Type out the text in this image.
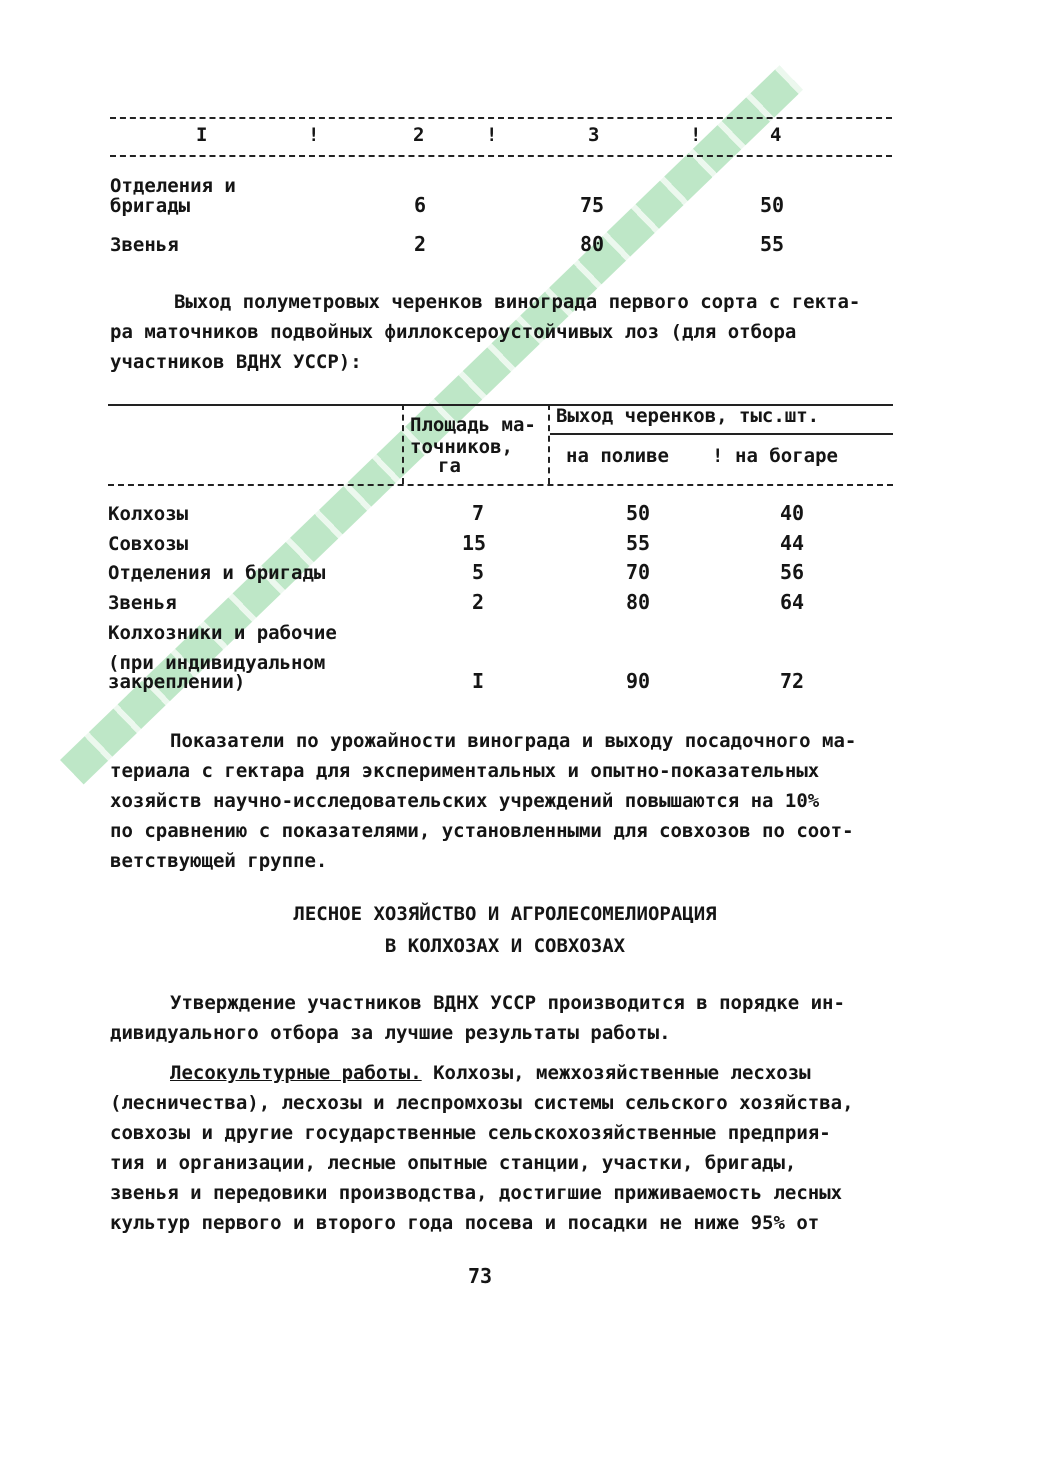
I	!	2	!	3	!	4
Отделения и
бригады	6	75	50
Звенья	2	80	55
Выход полуметровых черенков винограда первого сорта с гекта-
ра маточников подвойных филлоксероустойчивых лоз (для отбора
участников ВДНХ УССР):
Площадь ма-
точников,
га
Выход черенков, тыс.шт.
на поливе ! на богаре
Колхозы	7	50	40
Совхозы	15	55	44
Отделения и бригады	5	70	56
Звенья	2	80	64
Колхозники и рабочие
(при индивидуальном
закреплении)	I	90	72
Показатели по урожайности винограда и выходу посадочного ма-
териала с гектара для экспериментальных и опытно-показательных
хозяйств научно-исследовательских учреждений повышаются на 10%
по сравнению с показателями, установленными для совхозов по соот-
ветствующей группе.
ЛЕСНОЕ ХОЗЯЙСТВО И АГРОЛЕСОМЕЛИОРАЦИЯ
В КОЛХОЗАХ И СОВХОЗАХ
Утверждение участников ВДНХ УССР производится в порядке ин-
дивидуального отбора за лучшие результаты работы.
Лесокультурные работы. Колхозы, межхозяйственные лесхозы
(лесничества), лесхозы и леспромхозы системы сельского хозяйства,
совхозы и другие государственные сельскохозяйственные предприя-
тия и организации, лесные опытные станции, участки, бригады,
звенья и передовики производства, достигшие приживаемость лесных
культур первого и второго года посева и посадки не ниже 95% от
73
